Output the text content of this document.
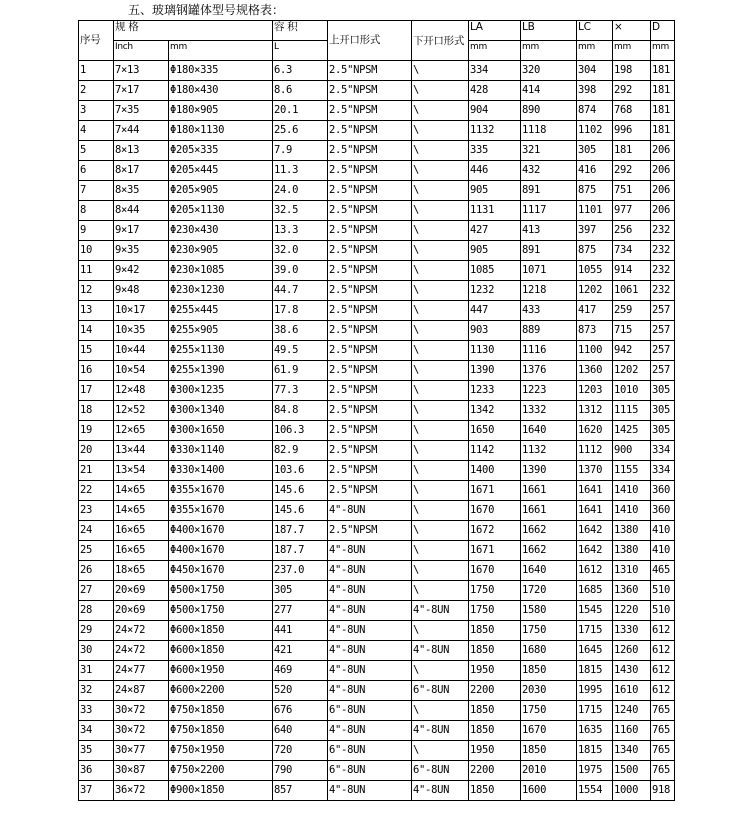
五、玻璃钢罐体型号规格表：
序号	规 格		容 积	上开口形式	下开口形式	LA	LB	LC	×	D
	Inch	mm	L			mm	mm	mm	mm	mm
1	7×13	Φ180×335	6.3	2.5"NPSM	\	334	320	304	198	181
2	7×17	Φ180×430	8.6	2.5"NPSM	\	428	414	398	292	181
3	7×35	Φ180×905	20.1	2.5"NPSM	\	904	890	874	768	181
4	7×44	Φ180×1130	25.6	2.5"NPSM	\	1132	1118	1102	996	181
5	8×13	Φ205×335	7.9	2.5"NPSM	\	335	321	305	181	206
6	8×17	Φ205×445	11.3	2.5"NPSM	\	446	432	416	292	206
7	8×35	Φ205×905	24.0	2.5"NPSM	\	905	891	875	751	206
8	8×44	Φ205×1130	32.5	2.5"NPSM	\	1131	1117	1101	977	206
9	9×17	Φ230×430	13.3	2.5"NPSM	\	427	413	397	256	232
10	9×35	Φ230×905	32.0	2.5"NPSM	\	905	891	875	734	232
11	9×42	Φ230×1085	39.0	2.5"NPSM	\	1085	1071	1055	914	232
12	9×48	Φ230×1230	44.7	2.5"NPSM	\	1232	1218	1202	1061	232
13	10×17	Φ255×445	17.8	2.5"NPSM	\	447	433	417	259	257
14	10×35	Φ255×905	38.6	2.5"NPSM	\	903	889	873	715	257
15	10×44	Φ255×1130	49.5	2.5"NPSM	\	1130	1116	1100	942	257
16	10×54	Φ255×1390	61.9	2.5"NPSM	\	1390	1376	1360	1202	257
17	12×48	Φ300×1235	77.3	2.5"NPSM	\	1233	1223	1203	1010	305
18	12×52	Φ300×1340	84.8	2.5"NPSM	\	1342	1332	1312	1115	305
19	12×65	Φ300×1650	106.3	2.5"NPSM	\	1650	1640	1620	1425	305
20	13×44	Φ330×1140	82.9	2.5"NPSM	\	1142	1132	1112	900	334
21	13×54	Φ330×1400	103.6	2.5"NPSM	\	1400	1390	1370	1155	334
22	14×65	Φ355×1670	145.6	2.5"NPSM	\	1671	1661	1641	1410	360
23	14×65	Φ355×1670	145.6	4"-8UN	\	1670	1661	1641	1410	360
24	16×65	Φ400×1670	187.7	2.5"NPSM	\	1672	1662	1642	1380	410
25	16×65	Φ400×1670	187.7	4"-8UN	\	1671	1662	1642	1380	410
26	18×65	Φ450×1670	237.0	4"-8UN	\	1670	1640	1612	1310	465
27	20×69	Φ500×1750	305	4"-8UN	\	1750	1720	1685	1360	510
28	20×69	Φ500×1750	277	4"-8UN	4"-8UN	1750	1580	1545	1220	510
29	24×72	Φ600×1850	441	4"-8UN	\	1850	1750	1715	1330	612
30	24×72	Φ600×1850	421	4"-8UN	4"-8UN	1850	1680	1645	1260	612
31	24×77	Φ600×1950	469	4"-8UN	\	1950	1850	1815	1430	612
32	24×87	Φ600×2200	520	4"-8UN	6"-8UN	2200	2030	1995	1610	612
33	30×72	Φ750×1850	676	6"-8UN	\	1850	1750	1715	1240	765
34	30×72	Φ750×1850	640	4"-8UN	4"-8UN	1850	1670	1635	1160	765
35	30×77	Φ750×1950	720	6"-8UN	\	1950	1850	1815	1340	765
36	30×87	Φ750×2200	790	6"-8UN	6"-8UN	2200	2010	1975	1500	765
37	36×72	Φ900×1850	857	4"-8UN	4"-8UN	1850	1600	1554	1000	918
